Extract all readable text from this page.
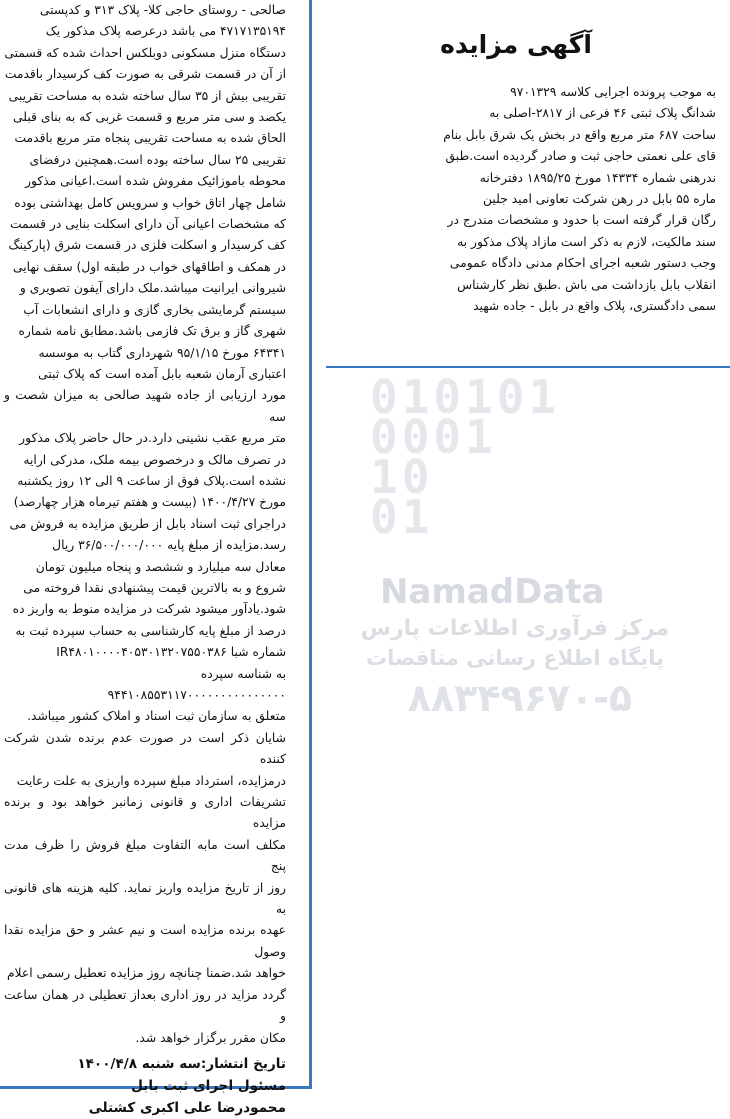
آگهی مزایده
به موجب پرونده اجرایی کلاسه ۹۷۰۱۳۲۹
شدانگ پلاک ثبتی ۴۶ فرعی از ۲۸۱۷-اصلی به
ساحت ۶۸۷ متر مربع واقع در بخش یک شرق بابل بنام
قای علی نعمتی حاجی ثبت و صادر گردیده است.طبق
ندرهنی شماره ۱۴۳۳۴ مورخ ۱۸۹۵/۲۵ دفترخانه
ماره ۵۵ بابل در رهن شرکت تعاونی امید جلین
رگان قرار گرفته است با حدود و مشخصات مندرج در
سند مالکیت، لازم به ذکر است مازاد پلاک مذکور به
وجب دستور شعبه اجرای احکام مدنی دادگاه عمومی
انقلاب بابل بازداشت می باش .طبق نظر کارشناس
سمی دادگستری، پلاک واقع در بابل - جاده شهید
صالحی - روستای حاجی کلا- پلاک ۳۱۳ و کدپستی
۴۷۱۷۱۳۵۱۹۴ می باشد درعرصه پلاک مذکور یک
دستگاه منزل مسکونی دوبلکس احداث شده که قسمتی
از آن در قسمت شرقی به صورت کف کرسیدار باقدمت
تقریبی بیش از ۳۵ سال ساخته شده به مساحت تقریبی
یکصد و سی متر مربع و قسمت غربی که به بنای قبلی
الحاق شده به مساحت تقریبی پنجاه متر مربع باقدمت
تقریبی ۲۵ سال ساخته بوده است.همچنین درفضای
محوطه باموزائیک مفروش شده است.اعیانی مذکور
شامل چهار اتاق خواب و سرویس کامل بهداشتی بوده
که مشخصات اعیانی آن دارای اسکلت بنایی در قسمت
کف کرسیدار و اسکلت فلزی در قسمت شرق (پارکینگ
در همکف و اطاقهای خواب در طبقه اول) سقف نهایی
شیروانی ایرانیت میباشد.ملک دارای آیفون تصویری و
سیستم گرمایشی بخاری گازی و دارای انشعابات آب
شهری گاز و برق تک فازمی باشد.مطابق نامه شماره
۶۴۳۴۱ مورخ ۹۵/۱/۱۵ شهرداری گتاب به موسسه
اعتباری آرمان شعبه بابل آمده است که پلاک ثبتی
مورد ارزیابی از جاده شهید صالحی به میزان شصت و سه
متر مربع عقب نشینی دارد.در حال حاضر پلاک مذکور
در تصرف مالک و درخصوص بیمه ملک، مدرکی ارایه
نشده است.پلاک فوق از ساعت ۹ الی ۱۲ روز یکشنبه
مورخ ۱۴۰۰/۴/۲۷ (بیست و هفتم تیرماه هزار چهارصد)
دراجرای ثبت اسناد بابل از طریق مزایده به فروش می
رسد.مزایده از مبلغ پایه ۳۶/۵۰۰/۰۰۰/۰۰۰ ریال
معادل سه میلیارد و ششصد و پنجاه میلیون تومان
شروع و به بالاترین قیمت پیشنهادی نقدا فروخته می
شود.یادآور میشود شرکت در مزایده منوط به واریز ده
درصد از مبلغ پایه کارشناسی به حساب سپرده ثبت به
شماره شبا IR۴۸۰۱۰۰۰۰۴۰۵۳۰۱۳۲۰۷۵۵۰۳۸۶
به شناسه سپرده
۹۴۴۱۰۸۵۵۳۱۱۷۰۰۰۰۰۰۰۰۰۰۰۰۰۰۰
متعلق به سازمان ثبت اسناد و املاک کشور میباشد.
شایان ذکر است در صورت عدم برنده شدن شرکت کننده
درمزایده، استرداد مبلغ سپرده واریزی به علت رعایت
تشریفات اداری و قانونی زمانبر خواهد بود و برنده مزایده
مکلف است مابه التفاوت مبلغ فروش را ظرف مدت پنج
روز از تاریخ مزایده واریز نماید. کلیه هزینه های قانونی به
عهده برنده مزایده است و نیم عشر و حق مزایده نقدا وصول
خواهد شد.ضمنا چنانچه روز مزایده تعطیل رسمی اعلام
گردد مزاید در روز اداری بعداز تعطیلی در همان ساعت و
مکان مقرر برگزار خواهد شد.
تاریخ انتشار:سه شنبه ۱۴۰۰/۴/۸
مسئول اجرای ثبت بابل
محمودرضا علی اکبری کشتلی
010101
0001
10
01
NamadData
مرکز فرآوری اطلاعات پارس
پایگاه اطلاع رسانی مناقصات
۸۸۳۴۹۶۷۰-۵
